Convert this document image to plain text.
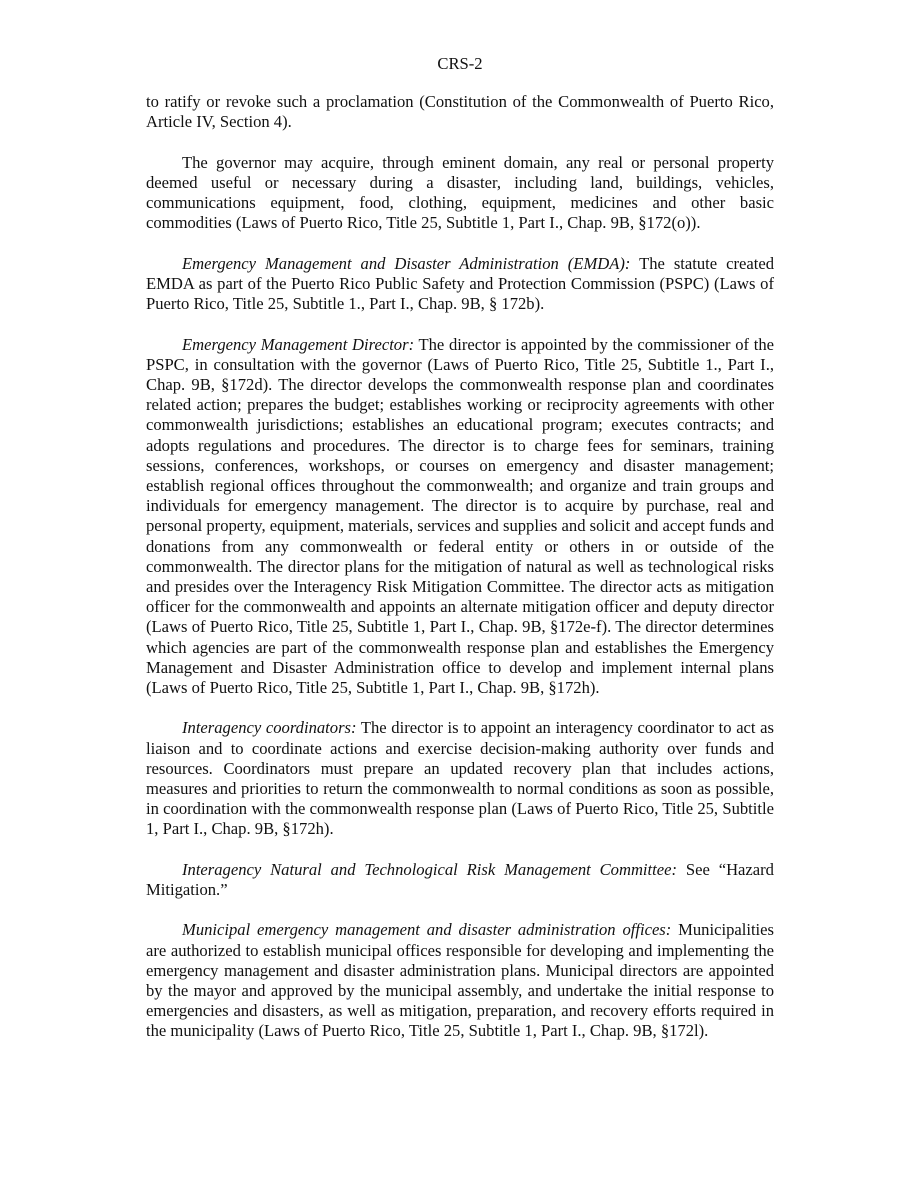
CRS-2

to ratify or revoke such a proclamation (Constitution of the Commonwealth of Puerto Rico, Article IV, Section 4).

The governor may acquire, through eminent domain, any real or personal property deemed useful or necessary during a disaster, including land, buildings, vehicles, communications equipment, food, clothing, equipment, medicines and other basic commodities (Laws of Puerto Rico, Title 25, Subtitle 1, Part I., Chap. 9B, §172(o)).

Emergency Management and Disaster Administration (EMDA): The statute created EMDA as part of the Puerto Rico Public Safety and Protection Commission (PSPC) (Laws of Puerto Rico, Title 25, Subtitle 1., Part I., Chap. 9B, § 172b).

Emergency Management Director: The director is appointed by the commissioner of the PSPC, in consultation with the governor (Laws of Puerto Rico, Title 25, Subtitle 1., Part I., Chap. 9B, §172d). The director develops the commonwealth response plan and coordinates related action; prepares the budget; establishes working or reciprocity agreements with other commonwealth jurisdictions; establishes an educational program; executes contracts; and adopts regulations and procedures. The director is to charge fees for seminars, training sessions, conferences, workshops, or courses on emergency and disaster management; establish regional offices throughout the commonwealth; and organize and train groups and individuals for emergency management. The director is to acquire by purchase, real and personal property, equipment, materials, services and supplies and solicit and accept funds and donations from any commonwealth or federal entity or others in or outside of the commonwealth. The director plans for the mitigation of natural as well as technological risks and presides over the Interagency Risk Mitigation Committee. The director acts as mitigation officer for the commonwealth and appoints an alternate mitigation officer and deputy director (Laws of Puerto Rico, Title 25, Subtitle 1, Part I., Chap. 9B, §172e-f). The director determines which agencies are part of the commonwealth response plan and establishes the Emergency Management and Disaster Administration office to develop and implement internal plans (Laws of Puerto Rico, Title 25, Subtitle 1, Part I., Chap. 9B, §172h).

Interagency coordinators: The director is to appoint an interagency coordinator to act as liaison and to coordinate actions and exercise decision-making authority over funds and resources. Coordinators must prepare an updated recovery plan that includes actions, measures and priorities to return the commonwealth to normal conditions as soon as possible, in coordination with the commonwealth response plan (Laws of Puerto Rico, Title 25, Subtitle 1, Part I., Chap. 9B, §172h).

Interagency Natural and Technological Risk Management Committee: See “Hazard Mitigation.”

Municipal emergency management and disaster administration offices: Municipalities are authorized to establish municipal offices responsible for developing and implementing the emergency management and disaster administration plans. Municipal directors are appointed by the mayor and approved by the municipal assembly, and undertake the initial response to emergencies and disasters, as well as mitigation, preparation, and recovery efforts required in the municipality (Laws of Puerto Rico, Title 25, Subtitle 1, Part I., Chap. 9B, §172l).
